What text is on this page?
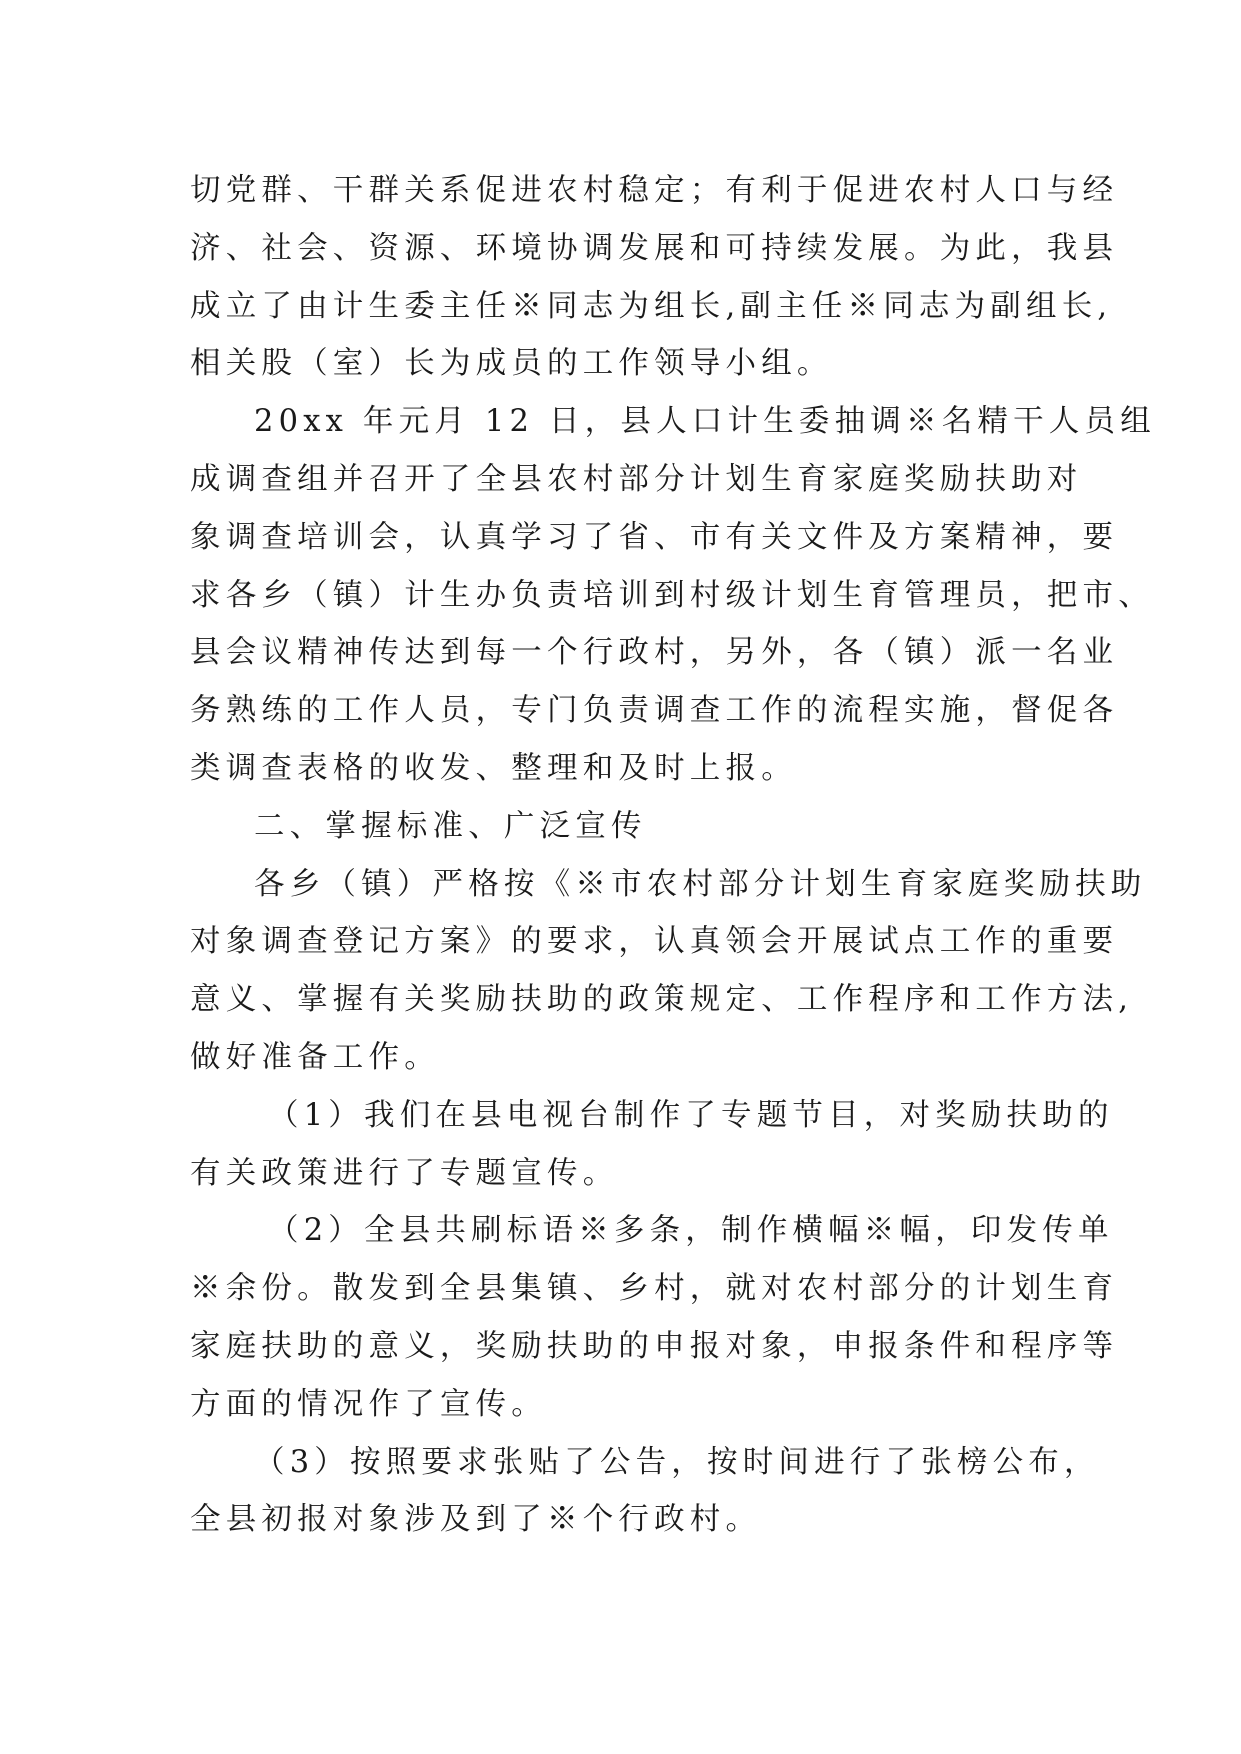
切党群、干群关系促进农村稳定；有利于促进农村人口与经
济、社会、资源、环境协调发展和可持续发展。为此，我县
成立了由计生委主任※同志为组长,副主任※同志为副组长,
相关股（室）长为成员的工作领导小组。
20xx 年元月 12 日，县人口计生委抽调※名精干人员组
成调查组并召开了全县农村部分计划生育家庭奖励扶助对
象调查培训会，认真学习了省、市有关文件及方案精神，要
求各乡（镇）计生办负责培训到村级计划生育管理员，把市、
县会议精神传达到每一个行政村，另外，各（镇）派一名业
务熟练的工作人员，专门负责调查工作的流程实施，督促各
类调查表格的收发、整理和及时上报。
二、掌握标准、广泛宣传
各乡（镇）严格按《※市农村部分计划生育家庭奖励扶助
对象调查登记方案》的要求，认真领会开展试点工作的重要
意义、掌握有关奖励扶助的政策规定、工作程序和工作方法,
做好准备工作。
（1）我们在县电视台制作了专题节目，对奖励扶助的
有关政策进行了专题宣传。
（2）全县共刷标语※多条，制作横幅※幅，印发传单
※余份。散发到全县集镇、乡村，就对农村部分的计划生育
家庭扶助的意义，奖励扶助的申报对象，申报条件和程序等
方面的情况作了宣传。
（3）按照要求张贴了公告，按时间进行了张榜公布，
全县初报对象涉及到了※个行政村。
